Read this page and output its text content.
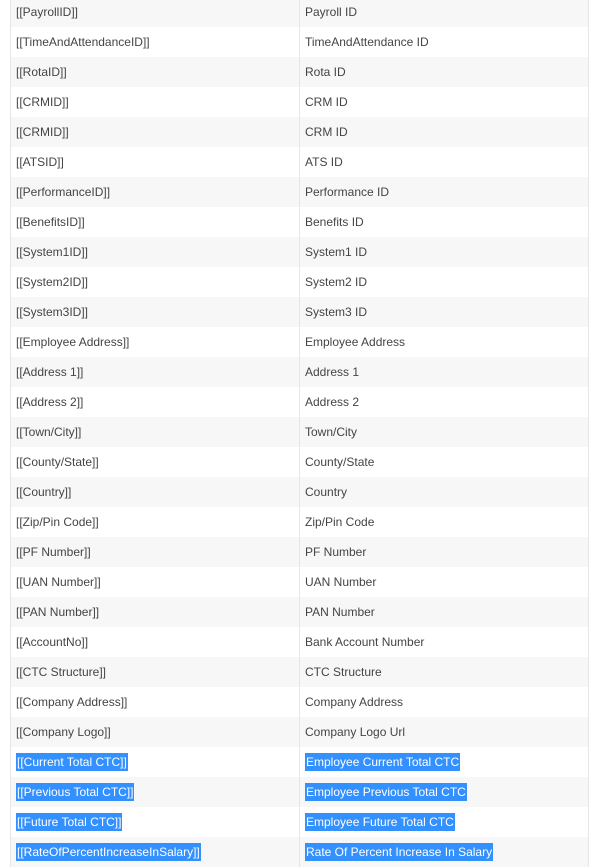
[[PayrollID]]	Payroll ID
[[TimeAndAttendanceID]]	TimeAndAttendance ID
[[RotaID]]	Rota ID
[[CRMID]]	CRM ID
[[CRMID]]	CRM ID
[[ATSID]]	ATS ID
[[PerformanceID]]	Performance ID
[[BenefitsID]]	Benefits ID
[[System1ID]]	System1 ID
[[System2ID]]	System2 ID
[[System3ID]]	System3 ID
[[Employee Address]]	Employee Address
[[Address 1]]	Address 1
[[Address 2]]	Address 2
[[Town/City]]	Town/City
[[County/State]]	County/State
[[Country]]	Country
[[Zip/Pin Code]]	Zip/Pin Code
[[PF Number]]	PF Number
[[UAN Number]]	UAN Number
[[PAN Number]]	PAN Number
[[AccountNo]]	Bank Account Number
[[CTC Structure]]	CTC Structure
[[Company Address]]	Company Address
[[Company Logo]]	Company Logo Url
[[Current Total CTC]]	Employee Current Total CTC
[[Previous Total CTC]]	Employee Previous Total CTC
[[Future Total CTC]]	Employee Future Total CTC
[[RateOfPercentIncreaseInSalary]]	Rate Of Percent Increase In Salary
